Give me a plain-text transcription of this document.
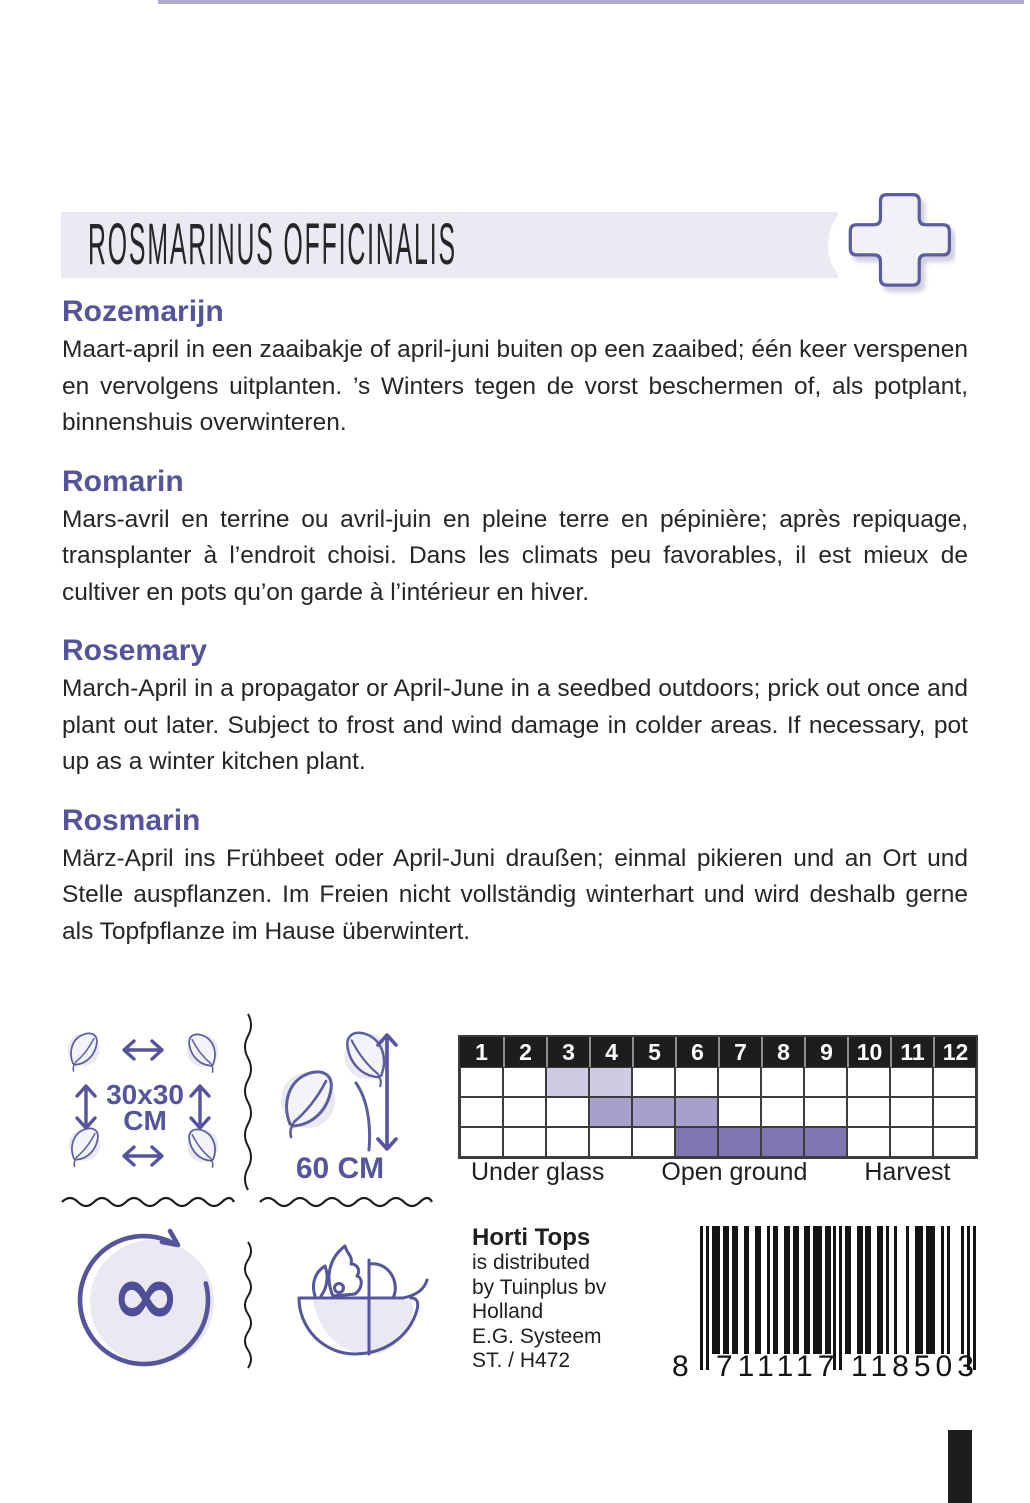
ROSMARINUS OFFICINALIS
Rozemarijn

Maart-april in een zaaibakje of april-juni buiten op een zaaibed; één keer verspenen en vervolgens uitplanten. ’s Winters tegen de vorst beschermen of, als potplant, binnenshuis overwinteren.

Romarin

Mars-avril en terrine ou avril-juin en pleine terre en pépinière; après repiquage, transplanter à l’endroit choisi. Dans les climats peu favorables, il est mieux de cultiver en pots qu’on garde à l’intérieur en hiver.

Rosemary

March-April in a propagator or April-June in a seedbed outdoors; prick out once and plant out later. Subject to frost and wind damage in colder areas. If necessary, pot up as a winter kitchen plant.

Rosmarin

März-April ins Frühbeet oder April-Juni draußen; einmal pikieren und an Ort und Stelle auspflanzen. Im Freien nicht vollständig winterhart und wird deshalb gerne als Topfpflanze im Hause überwintert.

30x30
CM
60 CM
∞
1	2	3	4	5	6	7	8	9	10 11 12
Under glass Open ground Harvest
Horti Tops
is distributed
by Tuinplus bv
Holland
E.G. Systeem
ST. / H472	8 711117 118503
